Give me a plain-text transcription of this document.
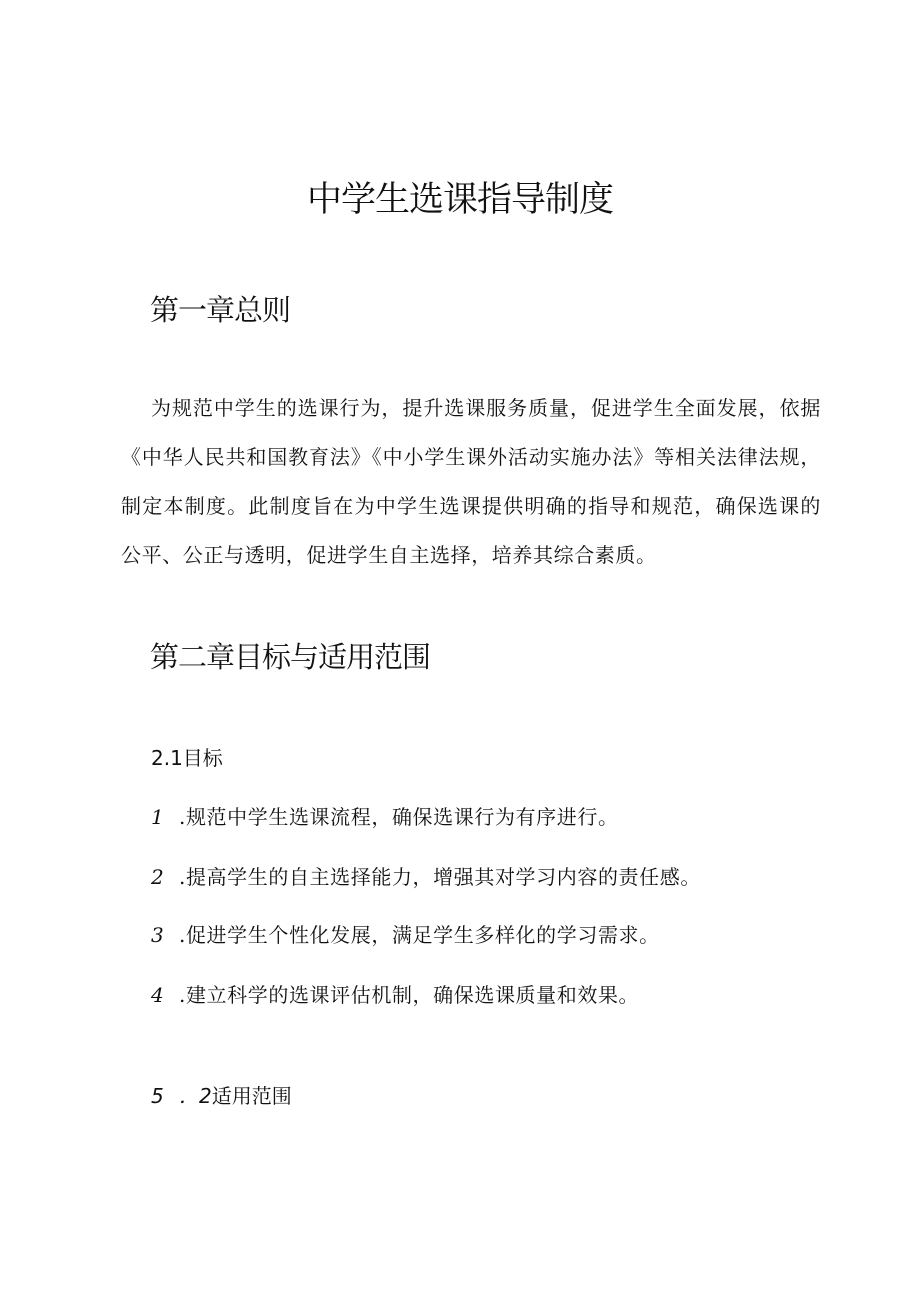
中学生选课指导制度
第一章总则

为规范中学生的选课行为，提升选课服务质量，促进学生全面发展，依据《中华人民共和国教育法》《中小学生课外活动实施办法》等相关法律法规，制定本制度。此制度旨在为中学生选课提供明确的指导和规范，确保选课的公平、公正与透明，促进学生自主选择，培养其综合素质。

第二章目标与适用范围
2.1目标
1 .规范中学生选课流程，确保选课行为有序进行。
2 .提高学生的自主选择能力，增强其对学习内容的责任感。
3 .促进学生个性化发展，满足学生多样化的学习需求。
4 .建立科学的选课评估机制，确保选课质量和效果。
5 ．2适用范围
